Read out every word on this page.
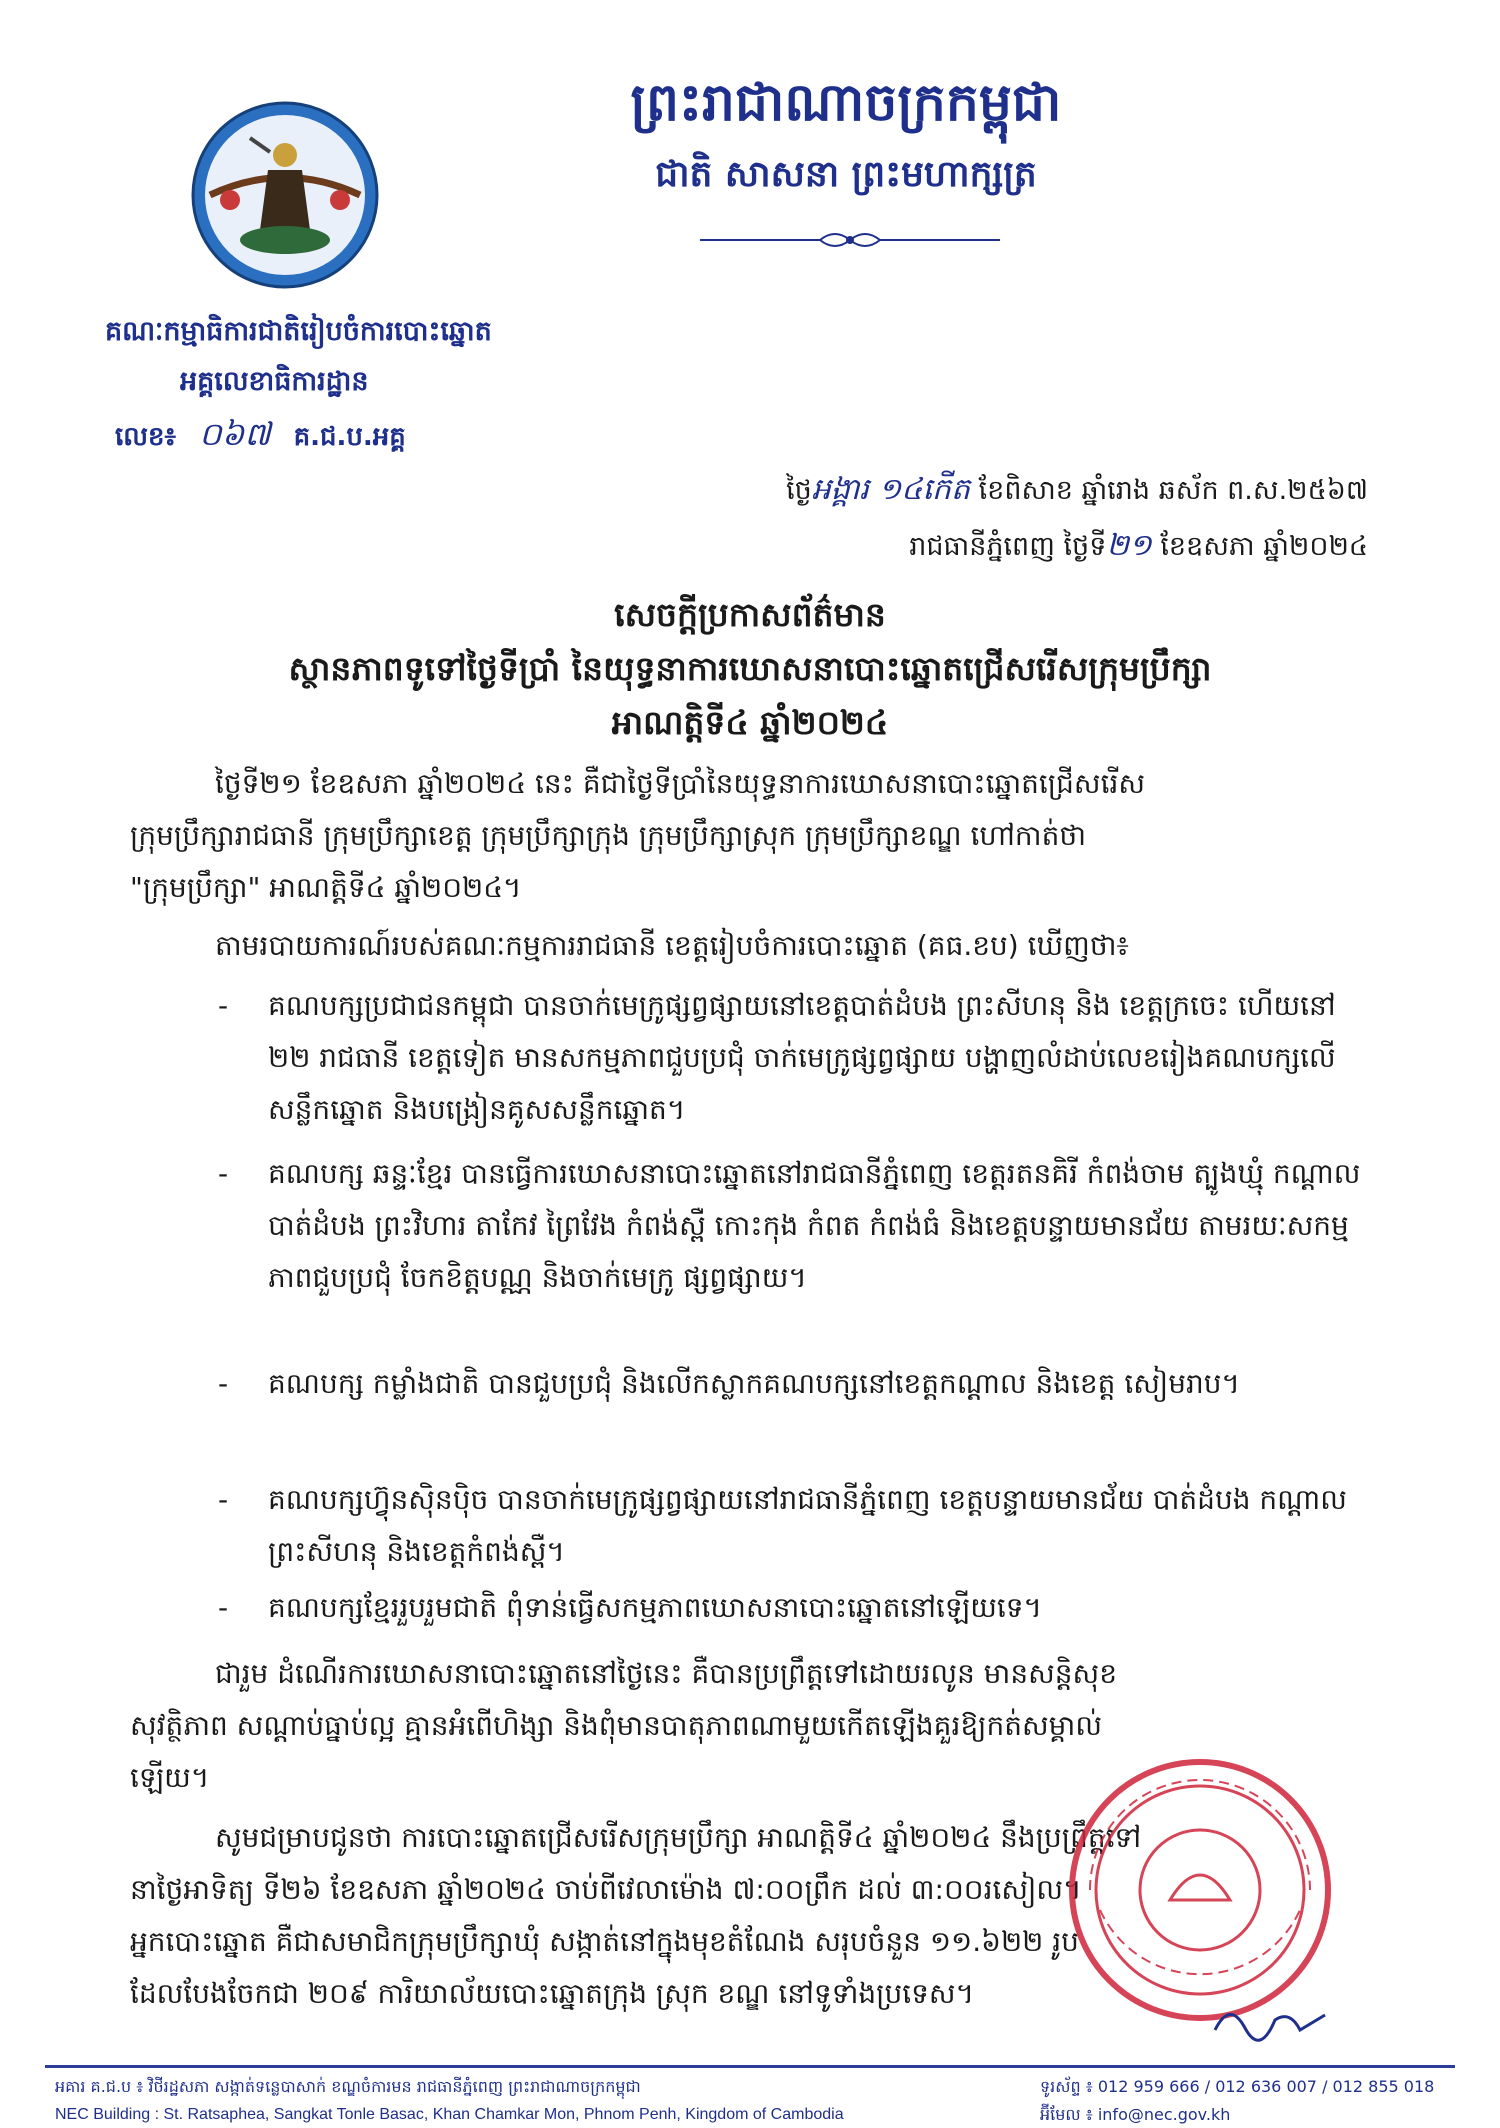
ព្រះរាជាណាចក្រកម្ពុជា
ជាតិ សាសនា ព្រះមហាក្សត្រ
គណៈកម្មាធិការជាតិរៀបចំការបោះឆ្នោត
អគ្គលេខាធិការដ្ឋាន
លេខ៖ ០៦៧ គ.ជ.ប.អគ្គ
ថ្ងៃអង្គារ ១៤កើត ខែពិសាខ ឆ្នាំរោង ឆស័ក ព.ស.២៥៦៧
រាជធានីភ្នំពេញ ថ្ងៃទី២១ ខែឧសភា ឆ្នាំ២០២៤
សេចក្តីប្រកាសព័ត៌មាន
ស្ថានភាពទូទៅថ្ងៃទីប្រាំ នៃយុទ្ធនាការឃោសនាបោះឆ្នោតជ្រើសរើសក្រុមប្រឹក្សា
អាណត្តិទី៤ ឆ្នាំ២០២៤
ថ្ងៃទី២១ ខែឧសភា ឆ្នាំ២០២៤ នេះ គឺជាថ្ងៃទីប្រាំនៃយុទ្ធនាការឃោសនាបោះឆ្នោតជ្រើសរើស
ក្រុមប្រឹក្សារាជធានី ក្រុមប្រឹក្សាខេត្ត ក្រុមប្រឹក្សាក្រុង ក្រុមប្រឹក្សាស្រុក ក្រុមប្រឹក្សាខណ្ឌ ហៅកាត់ថា
"ក្រុមប្រឹក្សា" អាណត្តិទី៤ ឆ្នាំ២០២៤។
តាមរបាយការណ៍របស់គណៈកម្មការរាជធានី ខេត្តរៀបចំការបោះឆ្នោត (គធ.ខប) ឃើញថា៖
-	គណបក្សប្រជាជនកម្ពុជា បានចាក់មេក្រូផ្សព្វផ្សាយនៅខេត្តបាត់ដំបង ព្រះសីហនុ និង ខេត្តក្រចេះ ហើយនៅ ២២ រាជធានី ខេត្តទៀត មានសកម្មភាពជួបប្រជុំ ចាក់មេក្រូផ្សព្វផ្សាយ បង្ហាញលំដាប់លេខរៀងគណបក្សលើសន្លឹកឆ្នោត និងបង្រៀនគូសសន្លឹកឆ្នោត។
-	គណបក្ស ឆន្ទៈខ្មែរ បានធ្វើការឃោសនាបោះឆ្នោតនៅរាជធានីភ្នំពេញ ខេត្តរតនគិរី កំពង់ចាម ត្បូងឃ្មុំ កណ្តាល បាត់ដំបង ព្រះវិហារ តាកែវ ព្រៃវែង កំពង់ស្ពឺ កោះកុង កំពត កំពង់ធំ និងខេត្តបន្ទាយមានជ័យ តាមរយៈសកម្មភាពជួបប្រជុំ ចែកខិត្តបណ្ណ និងចាក់មេក្រូ ផ្សព្វផ្សាយ។
-	គណបក្ស កម្លាំងជាតិ បានជួបប្រជុំ និងលើកស្លាកគណបក្សនៅខេត្តកណ្តាល និងខេត្ត សៀមរាប។
-	គណបក្សហ៊្វុនស៊ិនប៉ិច បានចាក់មេក្រូផ្សព្វផ្សាយនៅរាជធានីភ្នំពេញ ខេត្តបន្ទាយមានជ័យ បាត់ដំបង កណ្តាល ព្រះសីហនុ និងខេត្តកំពង់ស្ពឺ។
-	គណបក្សខ្មែររួបរួមជាតិ ពុំទាន់ធ្វើសកម្មភាពឃោសនាបោះឆ្នោតនៅឡើយទេ។
ជារួម ដំណើរការឃោសនាបោះឆ្នោតនៅថ្ងៃនេះ គឺបានប្រព្រឹត្តទៅដោយរលូន មានសន្តិសុខ
សុវត្ថិភាព សណ្តាប់ធ្នាប់ល្អ គ្មានអំពើហិង្សា និងពុំមានបាតុភាពណាមួយកើតឡើងគួរឱ្យកត់សម្គាល់
ឡើយ។
សូមជម្រាបជូនថា ការបោះឆ្នោតជ្រើសរើសក្រុមប្រឹក្សា អាណត្តិទី៤ ឆ្នាំ២០២៤ នឹងប្រព្រឹត្តទៅ
នាថ្ងៃអាទិត្យ ទី២៦ ខែឧសភា ឆ្នាំ២០២៤ ចាប់ពីវេលាម៉ោង ៧:០០ព្រឹក ដល់ ៣:០០រសៀល។
អ្នកបោះឆ្នោត គឺជាសមាជិកក្រុមប្រឹក្សាឃុំ សង្កាត់នៅក្នុងមុខតំណែង សរុបចំនួន ១១.៦២២ រូប
ដែលបែងចែកជា ២០៩ ការិយាល័យបោះឆ្នោតក្រុង ស្រុក ខណ្ឌ នៅទូទាំងប្រទេស។
អគារ គ.ជ.ប ៖ វិថីរដ្ឋសភា សង្កាត់ទន្លេបាសាក់ ខណ្ឌចំការមន រាជធានីភ្នំពេញ ព្រះរាជាណាចក្រកម្ពុជា
NEC Building : St. Ratsaphea, Sangkat Tonle Basac, Khan Chamkar Mon, Phnom Penh, Kingdom of Cambodia
ទូរស័ព្ទ ៖ 012 959 666 / 012 636 007 / 012 855 018
អ៊ីមែល ៖ info@nec.gov.kh
